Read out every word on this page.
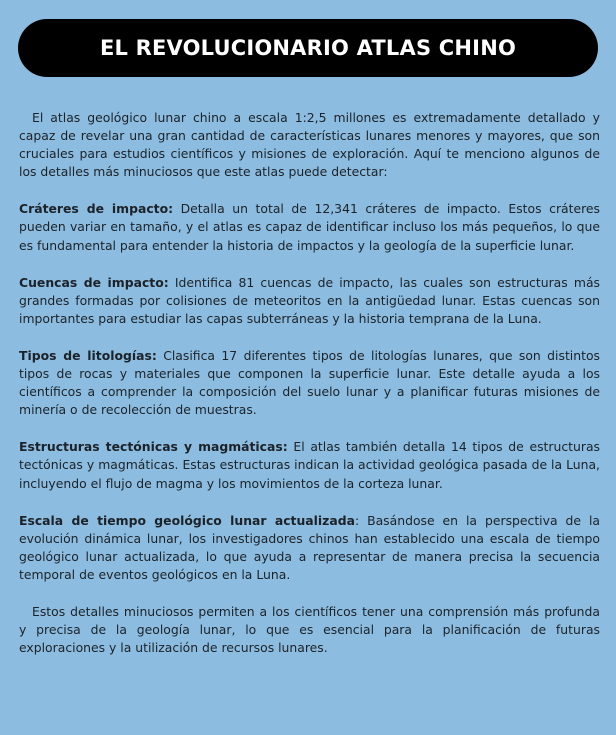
EL REVOLUCIONARIO ATLAS CHINO

El atlas geológico lunar chino a escala 1:2,5 millones es extremadamente detallado y capaz de revelar una gran cantidad de características lunares menores y mayores, que son cruciales para estudios científicos y misiones de exploración. Aquí te menciono algunos de los detalles más minuciosos que este atlas puede detectar:

Cráteres de impacto: Detalla un total de 12,341 cráteres de impacto. Estos cráteres pueden variar en tamaño, y el atlas es capaz de identificar incluso los más pequeños, lo que es fundamental para entender la historia de impactos y la geología de la superficie lunar.

Cuencas de impacto: Identifica 81 cuencas de impacto, las cuales son estructuras más grandes formadas por colisiones de meteoritos en la antigüedad lunar. Estas cuencas son importantes para estudiar las capas subterráneas y la historia temprana de la Luna.

Tipos de litologías: Clasifica 17 diferentes tipos de litologías lunares, que son distintos tipos de rocas y materiales que componen la superficie lunar. Este detalle ayuda a los científicos a comprender la composición del suelo lunar y a planificar futuras misiones de minería o de recolección de muestras.

Estructuras tectónicas y magmáticas: El atlas también detalla 14 tipos de estructuras tectónicas y magmáticas. Estas estructuras indican la actividad geológica pasada de la Luna, incluyendo el flujo de magma y los movimientos de la corteza lunar.

Escala de tiempo geológico lunar actualizada: Basándose en la perspectiva de la evolución dinámica lunar, los investigadores chinos han establecido una escala de tiempo geológico lunar actualizada, lo que ayuda a representar de manera precisa la secuencia temporal de eventos geológicos en la Luna.

Estos detalles minuciosos permiten a los científicos tener una comprensión más profunda y precisa de la geología lunar, lo que es esencial para la planificación de futuras exploraciones y la utilización de recursos lunares.
